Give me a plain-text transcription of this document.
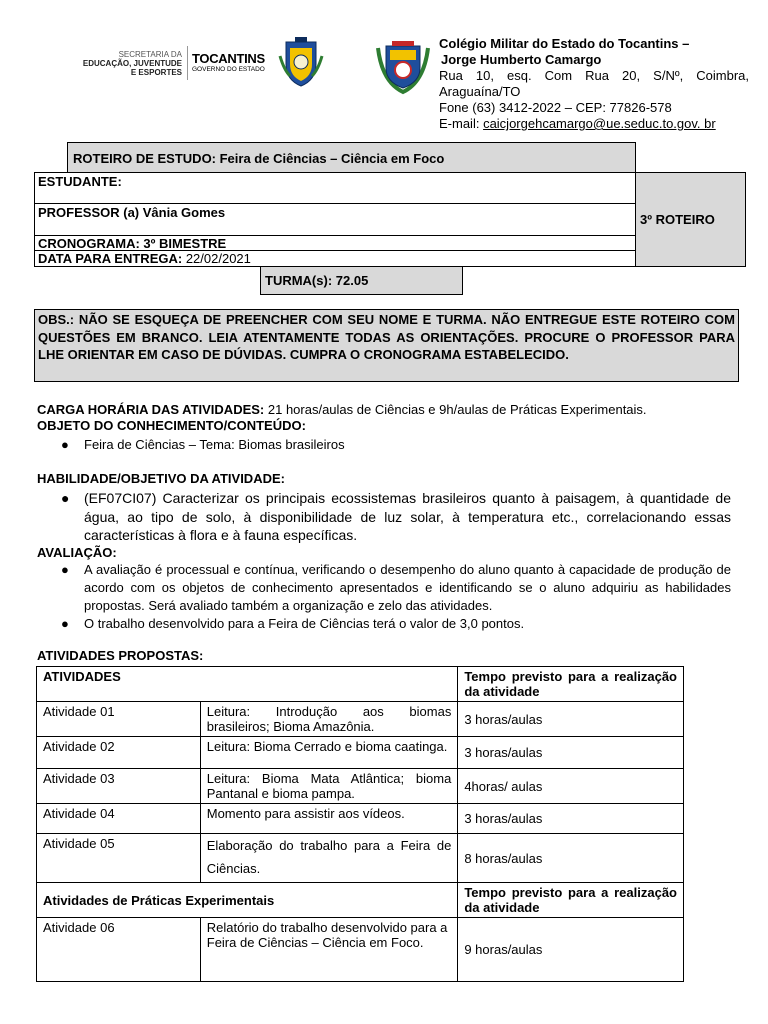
SECRETARIA DA
EDUCAÇÃO, JUVENTUDE
E ESPORTES
TOCANTINS
GOVERNO DO ESTADO
Colégio Militar do Estado do Tocantins –
Jorge Humberto Camargo
Rua 10, esq. Com Rua 20, S/Nº, Coimbra,
Araguaína/TO
Fone (63) 3412-2022 – CEP: 77826-578
E-mail: caicjorgehcamargo@ue.seduc.to.gov. br
ROTEIRO DE ESTUDO: Feira de Ciências – Ciência em Foco
ESTUDANTE:
PROFESSOR (a) Vânia Gomes
CRONOGRAMA: 3º BIMESTRE
DATA PARA ENTREGA: 22/02/2021
3º ROTEIRO
TURMA(s): 72.05
OBS.: NÃO SE ESQUEÇA DE PREENCHER COM SEU NOME E TURMA. NÃO ENTREGUE ESTE ROTEIRO COM QUESTÕES EM BRANCO. LEIA ATENTAMENTE TODAS AS ORIENTAÇÕES. PROCURE O PROFESSOR PARA LHE ORIENTAR EM CASO DE DÚVIDAS. CUMPRA O CRONOGRAMA ESTABELECIDO.
CARGA HORÁRIA DAS ATIVIDADES: 21 horas/aulas de Ciências e 9h/aulas de Práticas Experimentais.
OBJETO DO CONHECIMENTO/CONTEÚDO:
● Feira de Ciências – Tema: Biomas brasileiros
HABILIDADE/OBJETIVO DA ATIVIDADE:
● (EF07CI07) Caracterizar os principais ecossistemas brasileiros quanto à paisagem, à quantidade de água, ao tipo de solo, à disponibilidade de luz solar, à temperatura etc., correlacionando essas características à flora e à fauna específicas.
AVALIAÇÃO:
● A avaliação é processual e contínua, verificando o desempenho do aluno quanto à capacidade de produção de acordo com os objetos de conhecimento apresentados e identificando se o aluno adquiriu as habilidades propostas. Será avaliado também a organização e zelo das atividades.
● O trabalho desenvolvido para a Feira de Ciências terá o valor de 3,0 pontos.
ATIVIDADES PROPOSTAS:
ATIVIDADES		Tempo previsto para a realização da atividade
Atividade 01	Leitura: Introdução aos biomas brasileiros; Bioma Amazônia.	3 horas/aulas
Atividade 02	Leitura: Bioma Cerrado e bioma caatinga.	3 horas/aulas
Atividade 03	Leitura: Bioma Mata Atlântica; bioma Pantanal e bioma pampa.	4horas/ aulas
Atividade 04	Momento para assistir aos vídeos.	3 horas/aulas
Atividade 05	Elaboração do trabalho para a Feira de Ciências.	8 horas/aulas
Atividades de Práticas Experimentais		Tempo previsto para a realização da atividade
Atividade 06	Relatório do trabalho desenvolvido para a Feira de Ciências – Ciência em Foco.	9 horas/aulas
